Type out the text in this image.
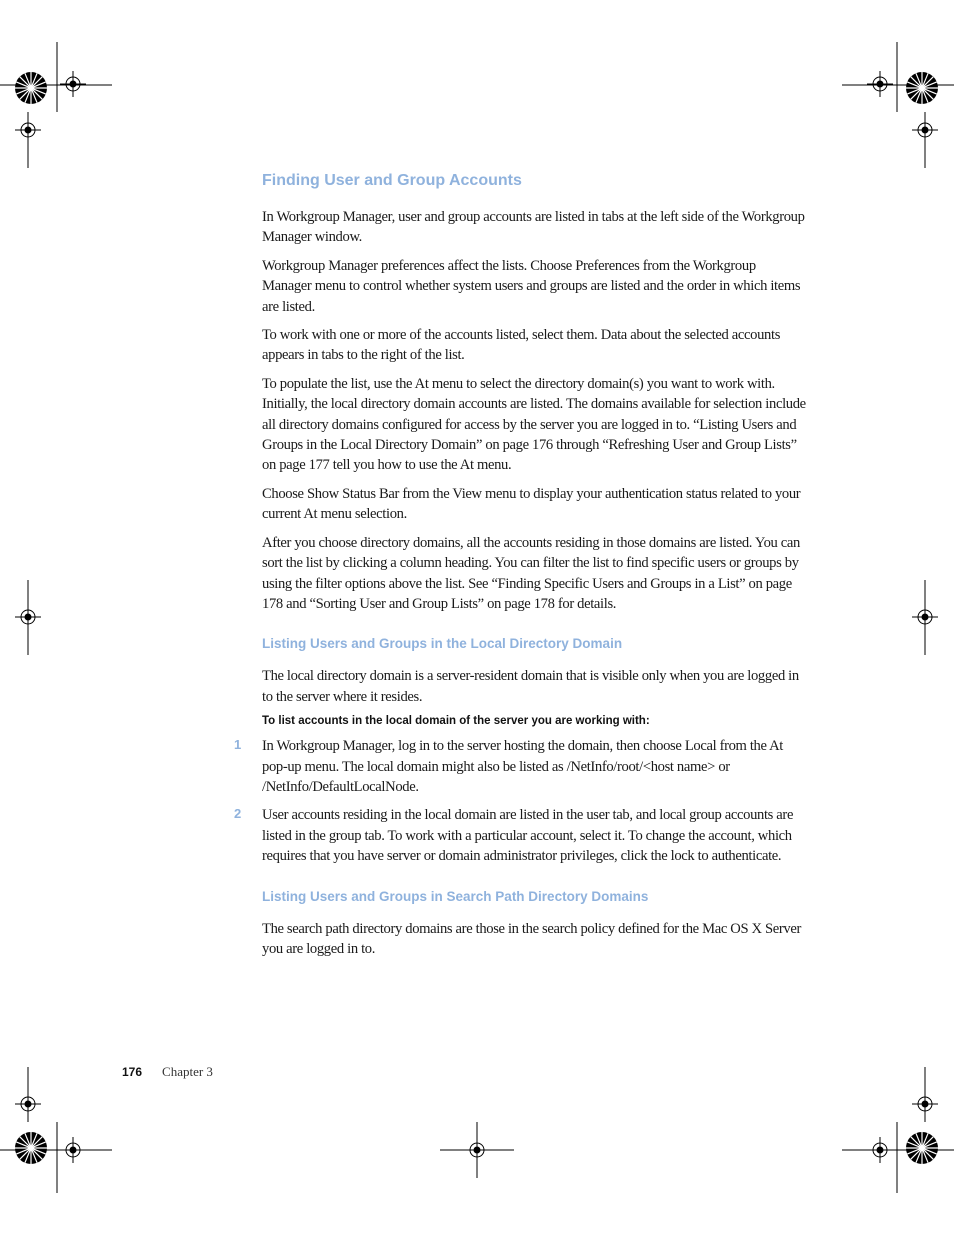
Finding User and Group Accounts

In Workgroup Manager, user and group accounts are listed in tabs at the left side of the Workgroup Manager window.

Workgroup Manager preferences affect the lists. Choose Preferences from the Workgroup Manager menu to control whether system users and groups are listed and the order in which items are listed.

To work with one or more of the accounts listed, select them. Data about the selected accounts appears in tabs to the right of the list.

To populate the list, use the At menu to select the directory domain(s) you want to work with. Initially, the local directory domain accounts are listed. The domains available for selection include all directory domains configured for access by the server you are logged in to. “Listing Users and Groups in the Local Directory Domain” on page 176 through “Refreshing User and Group Lists” on page 177 tell you how to use the At menu.

Choose Show Status Bar from the View menu to display your authentication status related to your current At menu selection.

After you choose directory domains, all the accounts residing in those domains are listed. You can sort the list by clicking a column heading. You can filter the list to find specific users or groups by using the filter options above the list. See “Finding Specific Users and Groups in a List” on page 178 and “Sorting User and Group Lists” on page 178 for details.

Listing Users and Groups in the Local Directory Domain

The local directory domain is a server-resident domain that is visible only when you are logged in to the server where it resides.

To list accounts in the local domain of the server you are working with:
1 In Workgroup Manager, log in to the server hosting the domain, then choose Local from the At pop-up menu. The local domain might also be listed as /NetInfo/root/<host name> or /NetInfo/DefaultLocalNode.

2 User accounts residing in the local domain are listed in the user tab, and local group accounts are listed in the group tab. To work with a particular account, select it. To change the account, which requires that you have server or domain administrator privileges, click the lock to authenticate.

Listing Users and Groups in Search Path Directory Domains

The search path directory domains are those in the search policy defined for the Mac OS X Server you are logged in to.

176 Chapter 3
